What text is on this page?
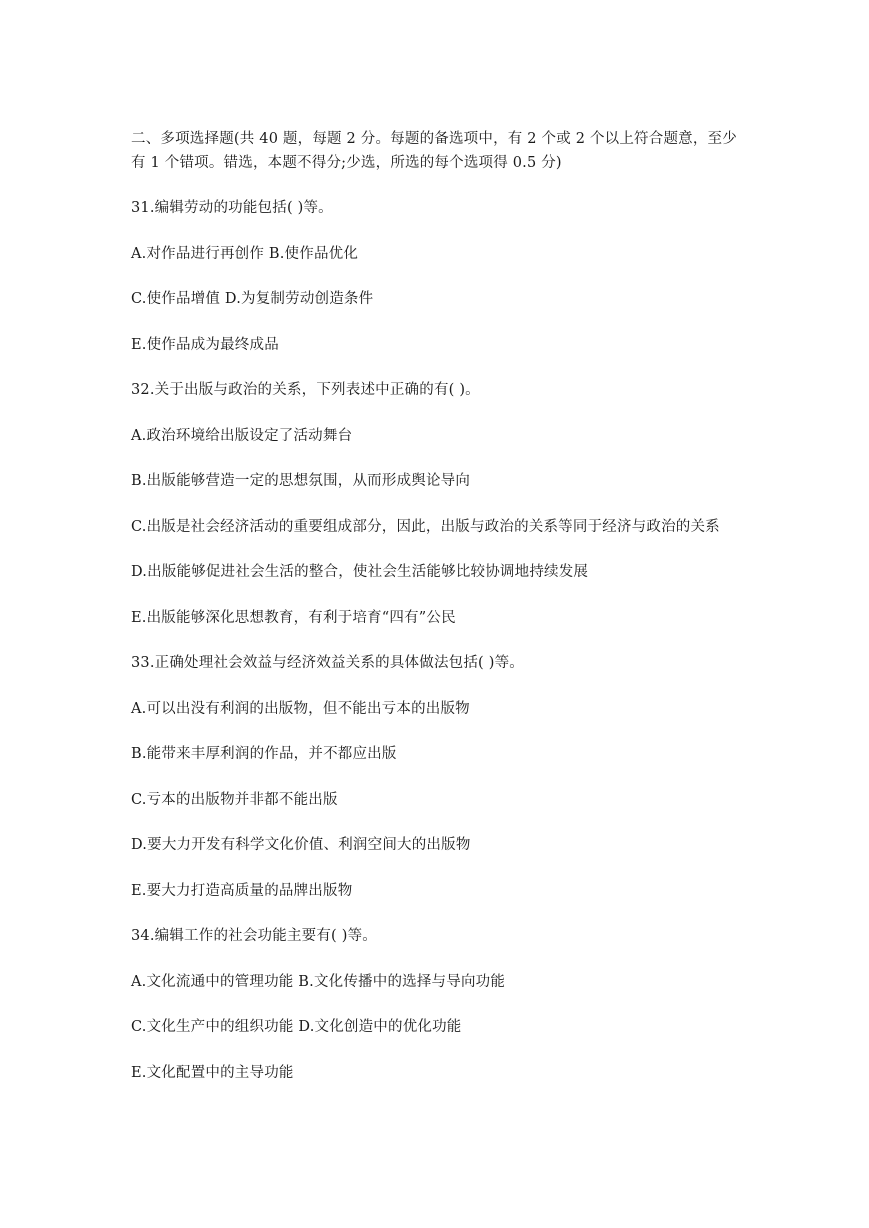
二、多项选择题(共 40 题，每题 2 分。每题的备选项中，有 2 个或 2 个以上符合题意，至少
有 1 个错项。错选，本题不得分;少选，所选的每个选项得 0.5 分)
31.编辑劳动的功能包括( )等。
A.对作品进行再创作 B.使作品优化
C.使作品增值 D.为复制劳动创造条件
E.使作品成为最终成品
32.关于出版与政治的关系，下列表述中正确的有( )。
A.政治环境给出版设定了活动舞台
B.出版能够营造一定的思想氛围，从而形成舆论导向
C.出版是社会经济活动的重要组成部分，因此，出版与政治的关系等同于经济与政治的关系
D.出版能够促进社会生活的整合，使社会生活能够比较协调地持续发展
E.出版能够深化思想教育，有利于培育“四有”公民
33.正确处理社会效益与经济效益关系的具体做法包括( )等。
A.可以出没有利润的出版物，但不能出亏本的出版物
B.能带来丰厚利润的作品，并不都应出版
C.亏本的出版物并非都不能出版
D.要大力开发有科学文化价值、利润空间大的出版物
E.要大力打造高质量的品牌出版物
34.编辑工作的社会功能主要有( )等。
A.文化流通中的管理功能 B.文化传播中的选择与导向功能
C.文化生产中的组织功能 D.文化创造中的优化功能
E.文化配置中的主导功能
